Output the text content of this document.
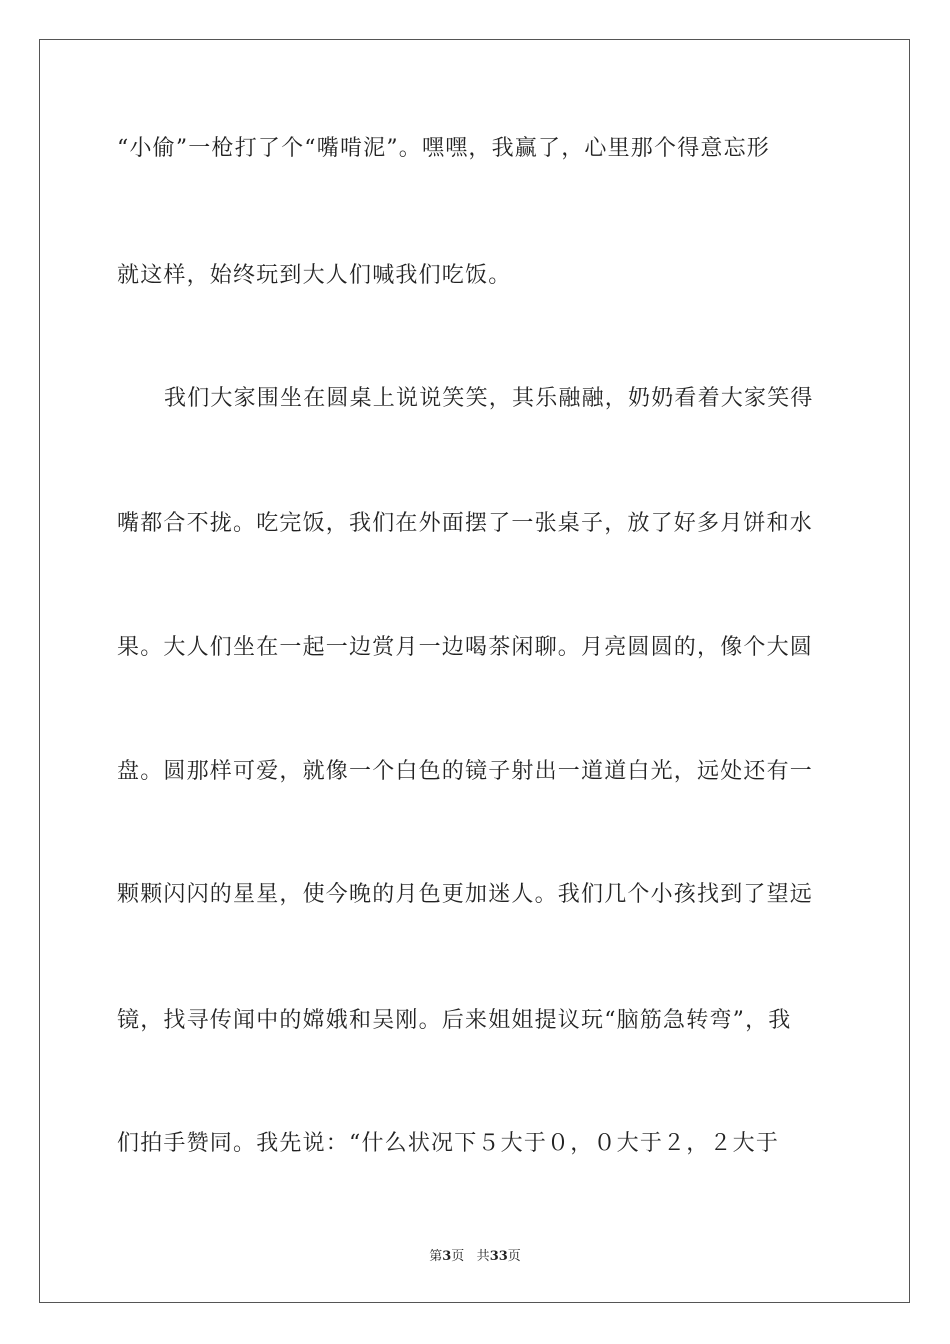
“小偷”一枪打了个“嘴啃泥”。嘿嘿，我赢了，心里那个得意忘形
就这样，始终玩到大人们喊我们吃饭。
我们大家围坐在圆桌上说说笑笑，其乐融融，奶奶看着大家笑得
嘴都合不拢。吃完饭，我们在外面摆了一张桌子，放了好多月饼和水
果。大人们坐在一起一边赏月一边喝茶闲聊。月亮圆圆的，像个大圆
盘。圆那样可爱，就像一个白色的镜子射出一道道白光，远处还有一
颗颗闪闪的星星，使今晚的月色更加迷人。我们几个小孩找到了望远
镜，找寻传闻中的嫦娥和吴刚。后来姐姐提议玩“脑筋急转弯”，我
们拍手赞同。我先说：“什么状况下５大于０，０大于２，２大于
第3页 共33页
